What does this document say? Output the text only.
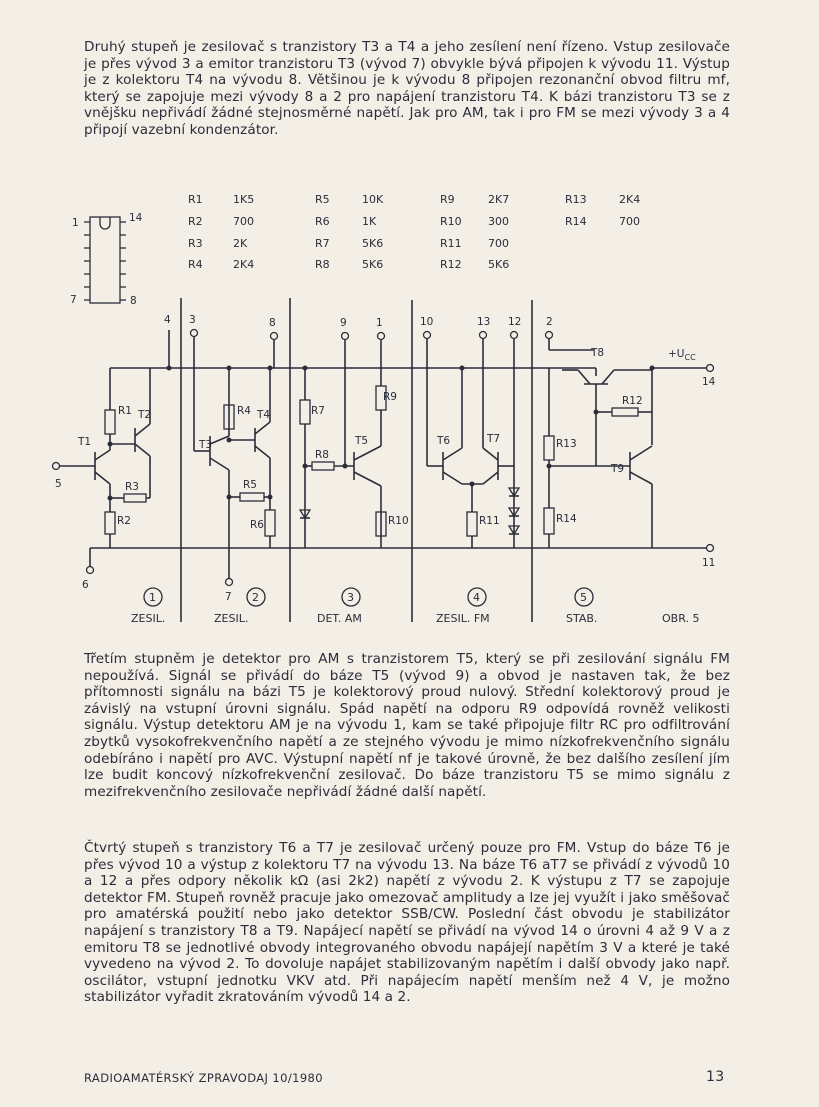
Druhý stupeň je zesilovač s tranzistory T3 a T4 a jeho zesílení není řízeno. Vstup zesilovače je přes vývod 3 a emitor tranzistoru T3 (vývod 7) obvykle bývá připojen k vývodu 11. Výstup je z kolektoru T4 na vývodu 8. Většinou je k vývodu 8 připojen rezonanční obvod filtru mf, který se zapojuje mezi vývody 8 a 2 pro napájení tranzistoru T4. K bázi tranzistoru T3 se z vnějšku nepřivádí žádné stejnosměrné napětí. Jak pro AM, tak i pro FM se mezi vývody 3 a 4 připojí vazební kondenzátor.

1	14
7	8
R1	1K5
R2	700
R3	2K
R4	2K4
R5	10K
R6	1K
R7	5K6
R8	5K6
R9	2K7
R10 300
R11 700
R12 5K6
R13	2K4
R14	700
4 3	8	9	1	10	13 12 2
$+U_{CC}$
14
11
5
6
R1 T2
T1
R3
R2
7
R4 T4
T3
R5
R6
R7
R8
R9
T5
R10
T6	T7
R11
T8
R12
R13
T9
R14
1	2	3	4	5
ZESIL.	ZESIL.	DET. AM	ZESIL. FM	STAB.	OBR. 5

Třetím stupněm je detektor pro AM s tranzistorem T5, který se při zesilování signálu FM nepoužívá. Signál se přivádí do báze T5 (vývod 9) a obvod je nastaven tak, že bez přítomnosti signálu na bázi T5 je kolektorový proud nulový. Střední kolektorový proud je závislý na vstupní úrovni signálu. Spád napětí na odporu R9 odpovídá rovněž velikosti signálu. Výstup detektoru AM je na vývodu 1, kam se také připojuje filtr RC pro odfiltrování zbytků vysokofrekvenčního napětí a ze stejného vývodu je mimo nízkofrekvenčního signálu odebíráno i napětí pro AVC. Výstupní napětí nf je takové úrovně, že bez dalšího zesílení jím lze budit koncový nízkofrekvenční zesilovač. Do báze tranzistoru T5 se mimo signálu z mezifrekvenčního zesilovače nepřivádí žádné další napětí.

Čtvrtý stupeň s tranzistory T6 a T7 je zesilovač určený pouze pro FM. Vstup do báze T6 je přes vývod 10 a výstup z kolektoru T7 na vývodu 13. Na báze T6 aT7 se přivádí z vývodů 10 a 12 a přes odpory několik kΩ (asi 2k2) napětí z vývodu 2. K výstupu z T7 se zapojuje detektor FM. Stupeň rovněž pracuje jako omezovač amplitudy a lze jej využít i jako směšovač pro amatérská použití nebo jako detektor SSB/CW. Poslední část obvodu je stabilizátor napájení s tranzistory T8 a T9. Napájecí napětí se přivádí na vývod 14 o úrovni 4 až 9 V a z emitoru T8 se jednotlivé obvody integrovaného obvodu napájejí napětím 3 V a které je také vyvedeno na vývod 2. To dovoluje napájet stabilizovaným napětím i další obvody jako např. oscilátor, vstupní jednotku VKV atd. Při napájecím napětí menším než 4 V, je možno stabilizátor vyřadit zkratováním vývodů 14 a 2.

RADIOAMATÉRSKÝ ZPRAVODAJ 10/1980	13
